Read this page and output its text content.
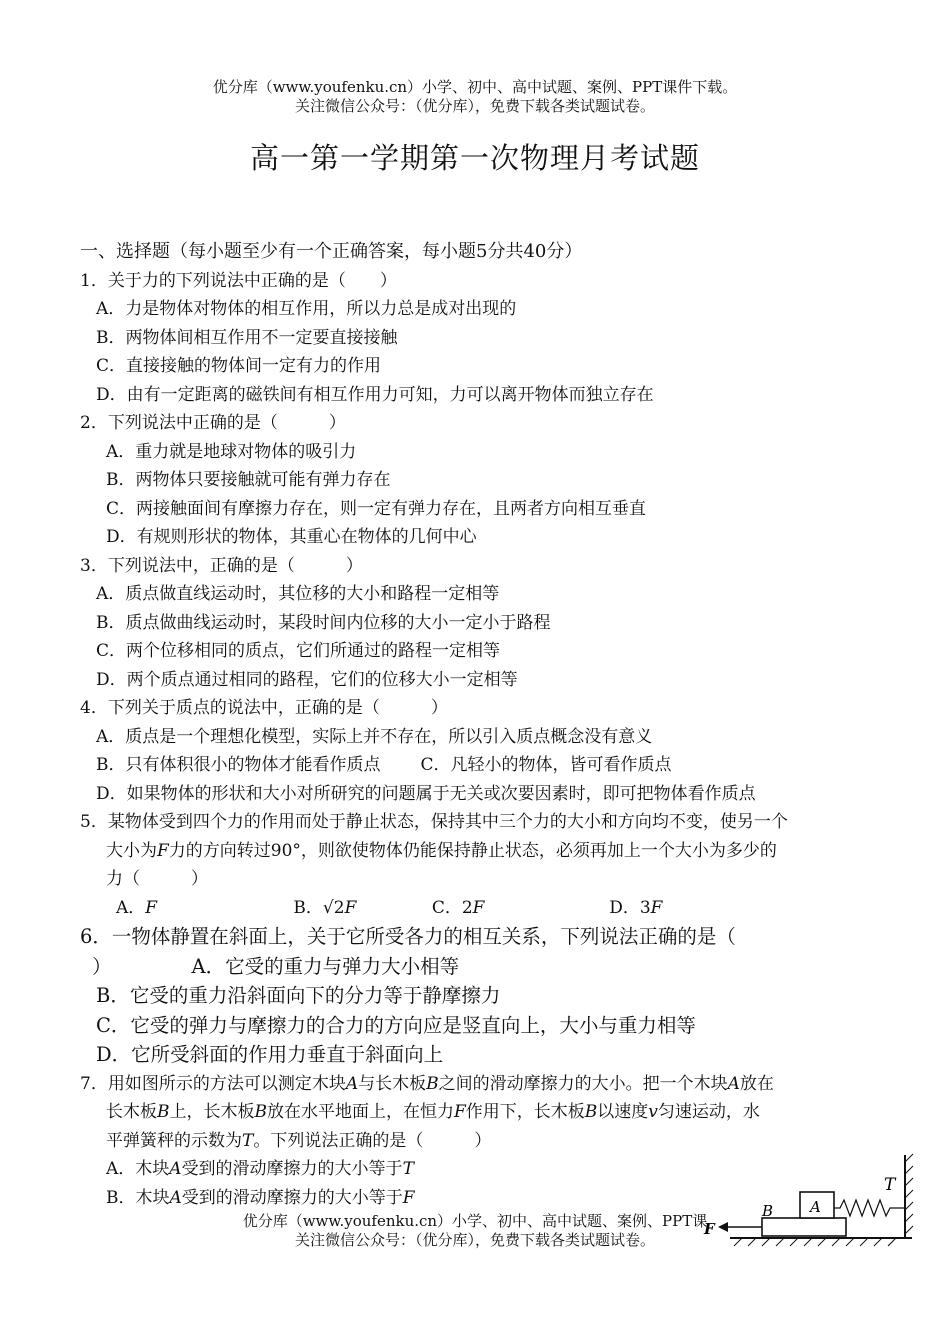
优分库（www.youfenku.cn）小学、初中、高中试题、案例、PPT课件下载。
关注微信公众号：（优分库），免费下载各类试题试卷。
高一第一学期第一次物理月考试题
一、选择题（每小题至少有一个正确答案，每小题5分共40分）
1．关于力的下列说法中正确的是（　　）
A．力是物体对物体的相互作用，所以力总是成对出现的
B．两物体间相互作用不一定要直接接触
C．直接接触的物体间一定有力的作用
D．由有一定距离的磁铁间有相互作用力可知，力可以离开物体而独立存在
2．下列说法中正确的是（　　　）
A．重力就是地球对物体的吸引力
B．两物体只要接触就可能有弹力存在
C．两接触面间有摩擦力存在，则一定有弹力存在，且两者方向相互垂直
D．有规则形状的物体，其重心在物体的几何中心
3．下列说法中，正确的是（　　　）
A．质点做直线运动时，其位移的大小和路程一定相等
B．质点做曲线运动时，某段时间内位移的大小一定小于路程
C．两个位移相同的质点，它们所通过的路程一定相等
D．两个质点通过相同的路程，它们的位移大小一定相等
4．下列关于质点的说法中，正确的是（　　　）
A．质点是一个理想化模型，实际上并不存在，所以引入质点概念没有意义
B．只有体积很小的物体才能看作质点 C．凡轻小的物体，皆可看作质点
D．如果物体的形状和大小对所研究的问题属于无关或次要因素时，即可把物体看作质点
5．某物体受到四个力的作用而处于静止状态，保持其中三个力的大小和方向均不变，使另一个
大小为F力的方向转过90°，则欲使物体仍能保持静止状态，必须再加上一个大小为多少的
力（　　　）
A．F	B．√2F	C．2F	D．3F
6．一物体静置在斜面上，关于它所受各力的相互关系，下列说法正确的是（
）	A．它受的重力与弹力大小相等
B．它受的重力沿斜面向下的分力等于静摩擦力
C．它受的弹力与摩擦力的合力的方向应是竖直向上，大小与重力相等
D．它所受斜面的作用力垂直于斜面向上
7．用如图所示的方法可以测定木块A与长木板B之间的滑动摩擦力的大小。把一个木块A放在
长木板B上，长木板B放在水平地面上，在恒力F作用下，长木板B以速度v匀速运动，水
平弹簧秤的示数为T。下列说法正确的是（　　　）
A．木块A受到的滑动摩擦力的大小等于T
B．木块A受到的滑动摩擦力的大小等于F
T
A
B
F
优分库（www.youfenku.cn）小学、初中、高中试题、案例、PPT课
关注微信公众号：（优分库），免费下载各类试题试卷。
